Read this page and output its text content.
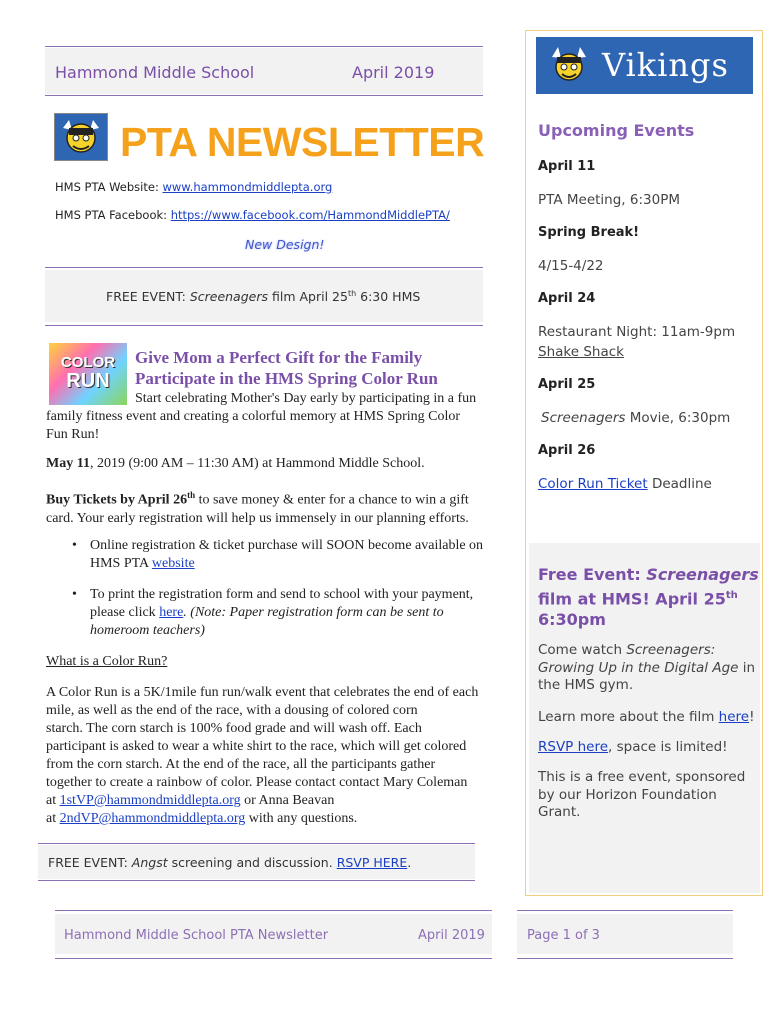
Hammond Middle School	April 2019
PTA NEWSLETTER
HMS PTA Website: www.hammondmiddlepta.org
HMS PTA Facebook: https://www.facebook.com/HammondMiddlePTA/
New Design!
FREE EVENT: Screenagers film April 25th 6:30 HMS
COLOR
RUN
Give Mom a Perfect Gift for the Family
Participate in the HMS Spring Color Run
Start celebrating Mother's Day early by participating in a fun
family fitness event and creating a colorful memory at HMS Spring Color
Fun Run!
May 11, 2019 (9:00 AM – 11:30 AM) at Hammond Middle School.
Buy Tickets by April 26th to save money & enter for a chance to win a gift
card. Your early registration will help us immensely in our planning efforts.
• Online registration & ticket purchase will SOON become available on
HMS PTA website
• To print the registration form and send to school with your payment,
please click here. (Note: Paper registration form can be sent to
homeroom teachers)
What is a Color Run?
A Color Run is a 5K/1mile fun run/walk event that celebrates the end of each
mile, as well as the end of the race, with a dousing of colored corn
starch. The corn starch is 100% food grade and will wash off. Each
participant is asked to wear a white shirt to the race, which will get colored
from the corn starch. At the end of the race, all the participants gather
together to create a rainbow of color. Please contact contact Mary Coleman
at 1stVP@hammondmiddlepta.org or Anna Beavan
at 2ndVP@hammondmiddlepta.org with any questions.
FREE EVENT: Angst screening and discussion. RSVP HERE.
Vikings
Upcoming Events
April 11
PTA Meeting, 6:30PM
Spring Break!
4/15-4/22
April 24
Restaurant Night: 11am-9pm
Shake Shack
April 25
Screenagers Movie, 6:30pm
April 26
Color Run Ticket Deadline
Free Event: Screenagers
film at HMS! April 25th
6:30pm
Come watch Screenagers:
Growing Up in the Digital Age in
the HMS gym.
Learn more about the film here!
RSVP here, space is limited!
This is a free event, sponsored
by our Horizon Foundation
Grant.
Hammond Middle School PTA Newsletter	April 2019	Page 1 of 3
